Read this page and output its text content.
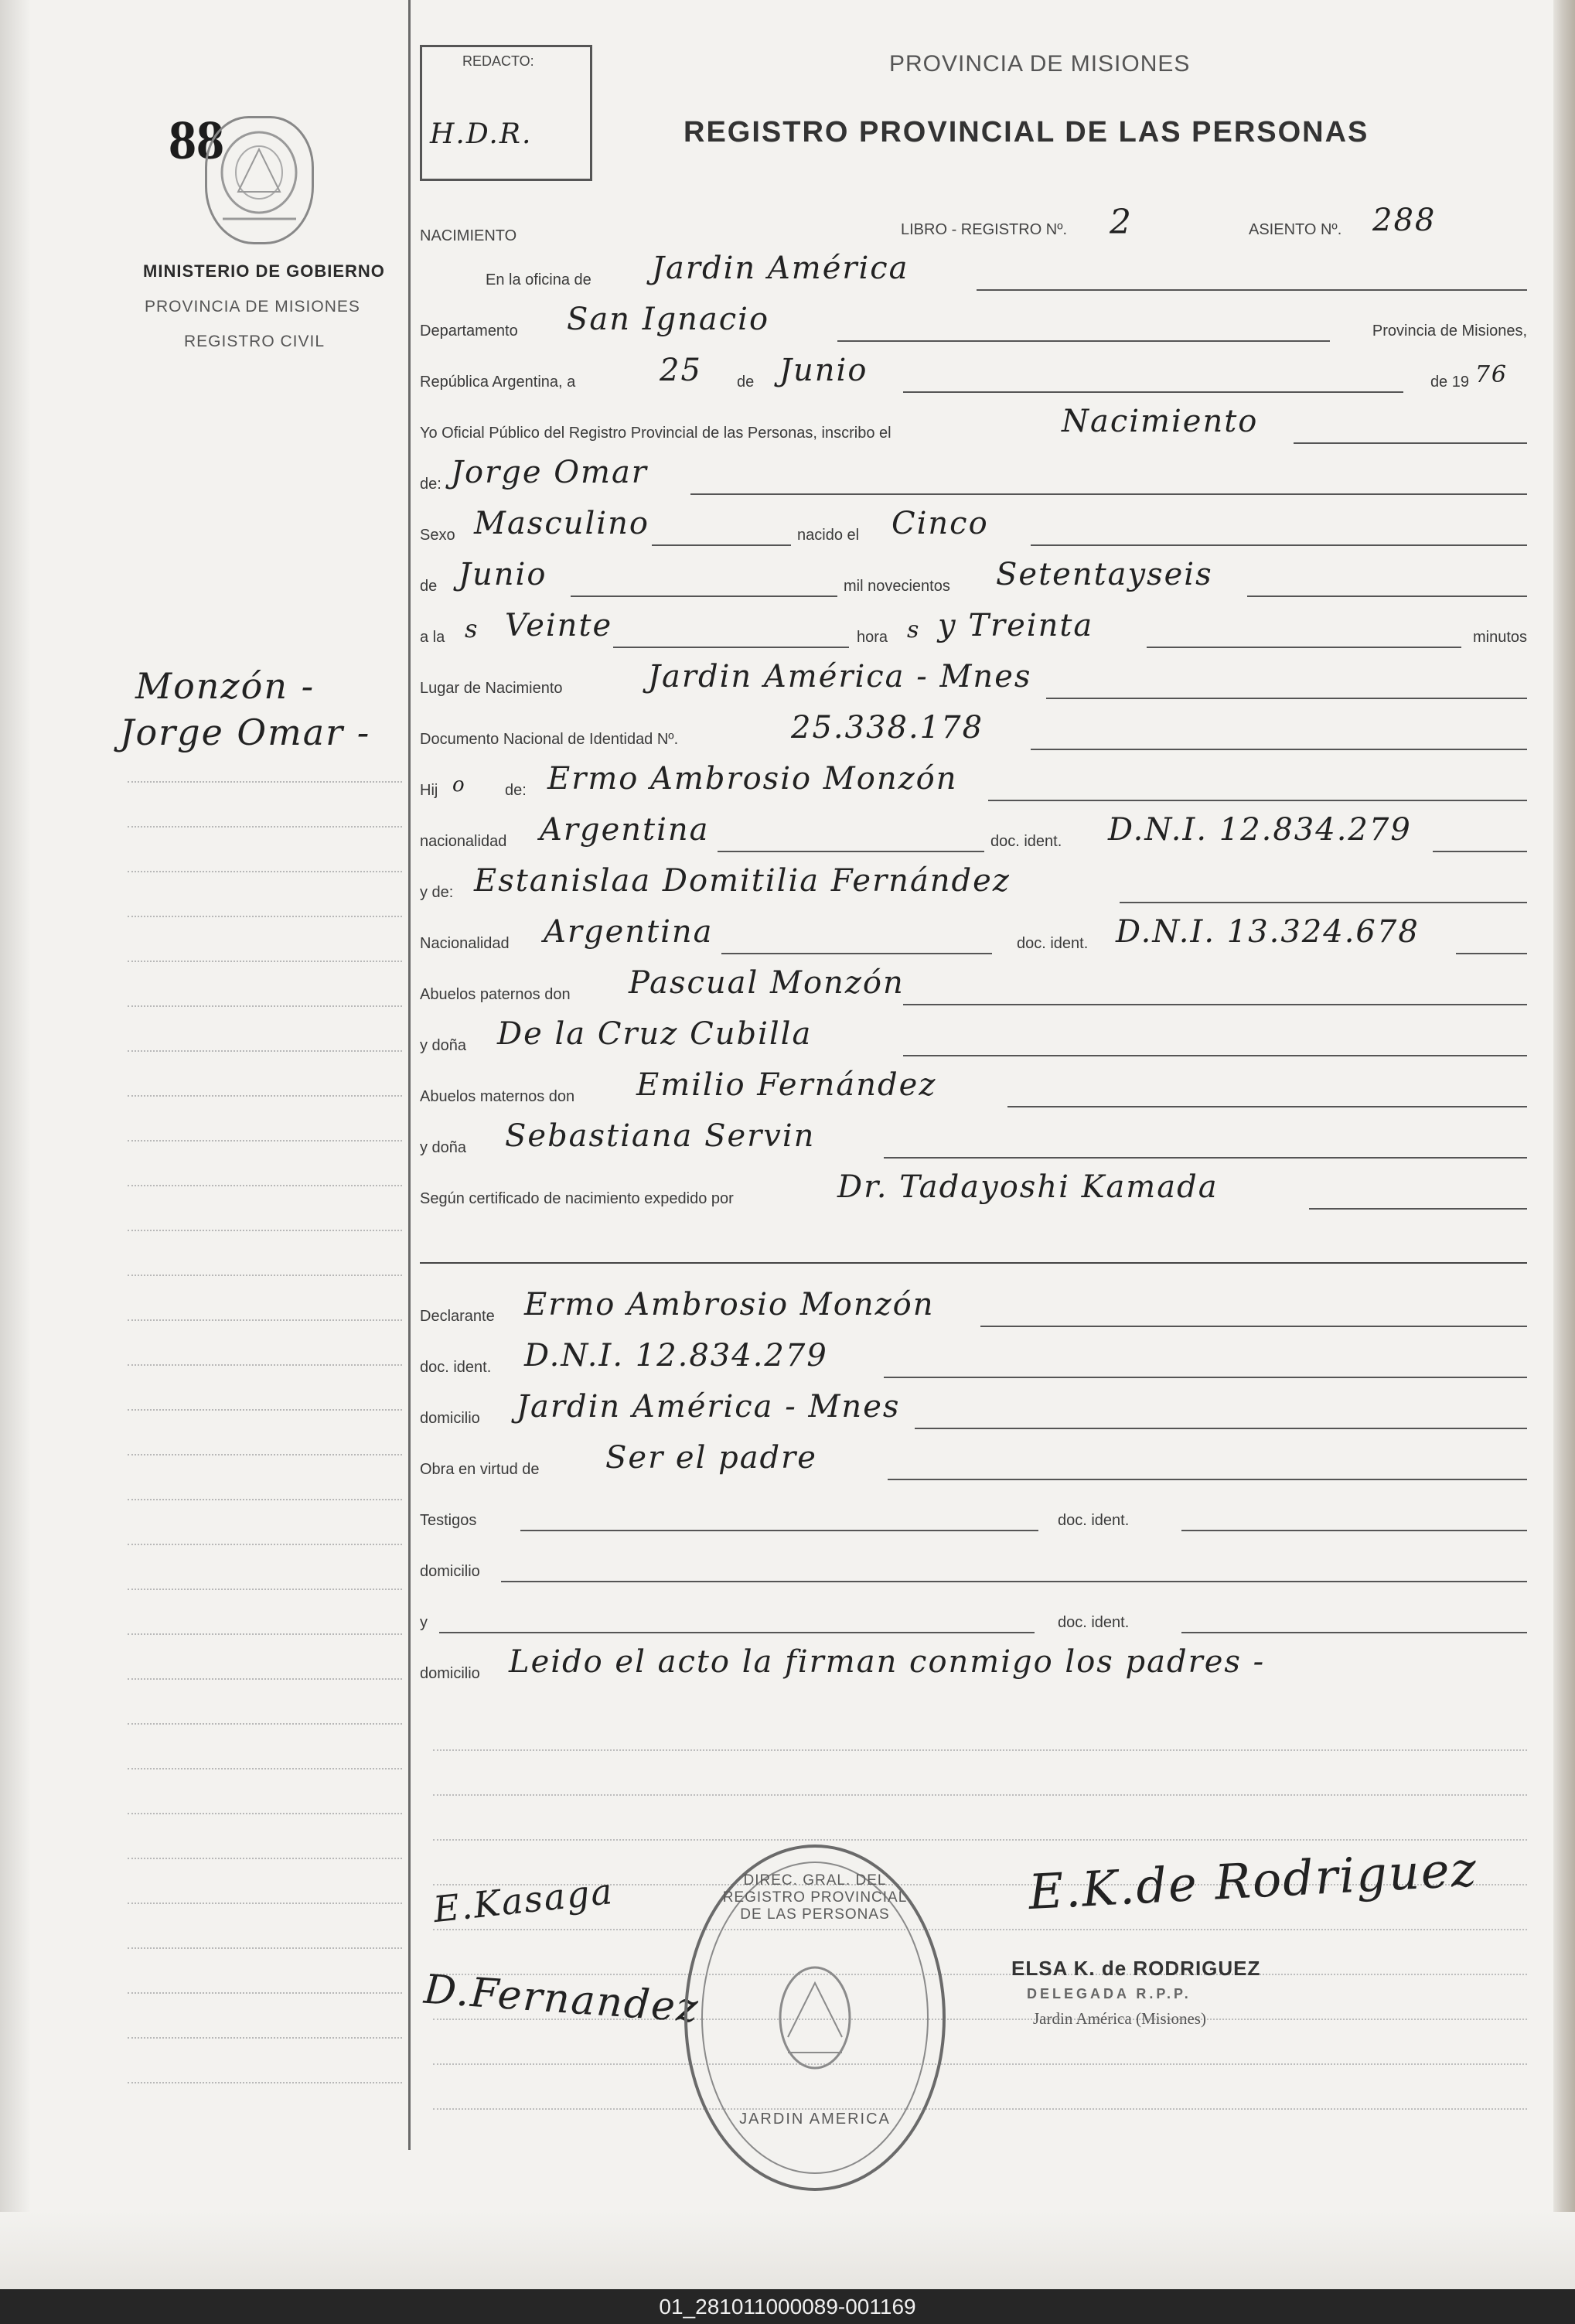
88
MINISTERIO DE GOBIERNO
PROVINCIA DE MISIONES
REGISTRO CIVIL
Monzón -
Jorge Omar -
REDACTO:
H.D.R.
PROVINCIA DE MISIONES
REGISTRO PROVINCIAL DE LAS PERSONAS
NACIMIENTO	LIBRO - REGISTRO Nº. 2	ASIENTO Nº. 288
En la oficina de Jardin América
Departamento San Ignacio	Provincia de Misiones,
República Argentina, a	25 de Junio	de 19 76
Yo Oficial Público del Registro Provincial de las Personas, inscribo el	Nacimiento
de: Jorge Omar
Sexo Masculino	nacido el Cinco
de Junio	mil novecientos Setentayseis
a la s Veinte	hora s y Treinta	minutos
Lugar de Nacimiento	Jardin América - Mnes
Documento Nacional de Identidad Nº.	25.338.178
Hij o	de: Ermo Ambrosio Monzón
nacionalidad Argentina	doc. ident. D.N.I. 12.834.279
y de: Estanislaa Domitilia Fernández
Nacionalidad Argentina	doc. ident. D.N.I. 13.324.678
Abuelos paternos don Pascual Monzón
y doña De la Cruz Cubilla
Abuelos maternos don Emilio Fernández
y doña Sebastiana Servin
Según certificado de nacimiento expedido por	Dr. Tadayoshi Kamada
Declarante Ermo Ambrosio Monzón
doc. ident. D.N.I. 12.834.279
domicilio Jardin América - Mnes
Obra en virtud de Ser el padre
Testigos	doc. ident.
domicilio
y	doc. ident.
domicilio Leido el acto la firman conmigo los padres -
E.Kasaga
D.Fernandez
DIREC. GRAL. DEL REGISTRO PROVINCIAL DE LAS PERSONAS
JARDIN AMERICA
E.K.de Rodriguez
ELSA K. de RODRIGUEZ
DELEGADA R.P.P.
Jardin América (Misiones)
01_281011000089-001169
